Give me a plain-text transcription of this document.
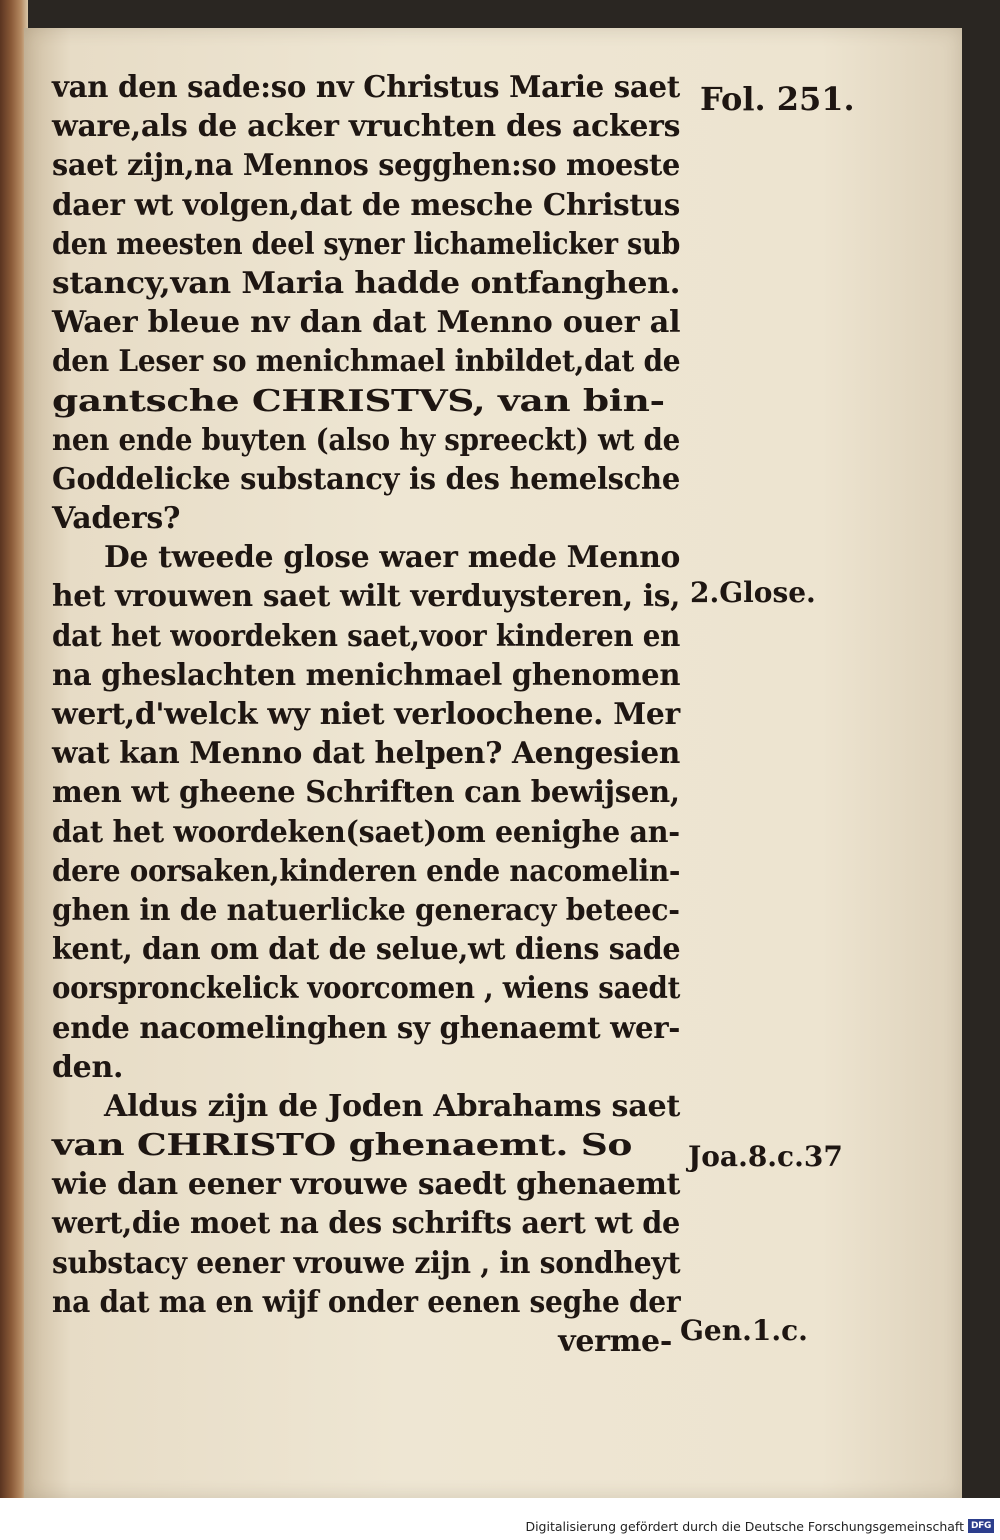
Fol. 251.
van den sade:so nv Christus Marie saet
ware,als de acker vruchten des ackers
saet zijn,na Mennos segghen:so moeste
daer wt volgen,dat de mesche Christus
den meesten deel syner lichamelicker sub
stancy,van Maria hadde ontfanghen.
Waer bleue nv dan dat Menno ouer al
den Leser so menichmael inbildet,dat de
gantsche CHRISTVS, van bin-
nen ende buyten (also hy spreeckt) wt de
Goddelicke substancy is des hemelsche
Vaders?
De tweede glose waer mede Menno
het vrouwen saet wilt verduysteren, is,
dat het woordeken saet,voor kinderen en
na gheslachten menichmael ghenomen
wert,d'welck wy niet verloochene. Mer
wat kan Menno dat helpen? Aengesien
men wt gheene Schriften can bewijsen,
dat het woordeken(saet)om eenighe an-
dere oorsaken,kinderen ende nacomelin-
ghen in de natuerlicke generacy beteec-
kent, dan om dat de selue,wt diens sade
oorspronckelick voorcomen , wiens saedt
ende nacomelinghen sy ghenaemt wer-
den.
Aldus zijn de Joden Abrahams saet
van CHRISTO ghenaemt. So
wie dan eener vrouwe saedt ghenaemt
wert,die moet na des schrifts aert wt de
substacy eener vrouwe zijn , in sondheyt
na dat ma en wijf onder eenen seghe der
verme-
2.Glose.
Joa.8.c.37
Gen.1.c.
Digitalisierung gefördert durch die Deutsche Forschungsgemeinschaft DFG
